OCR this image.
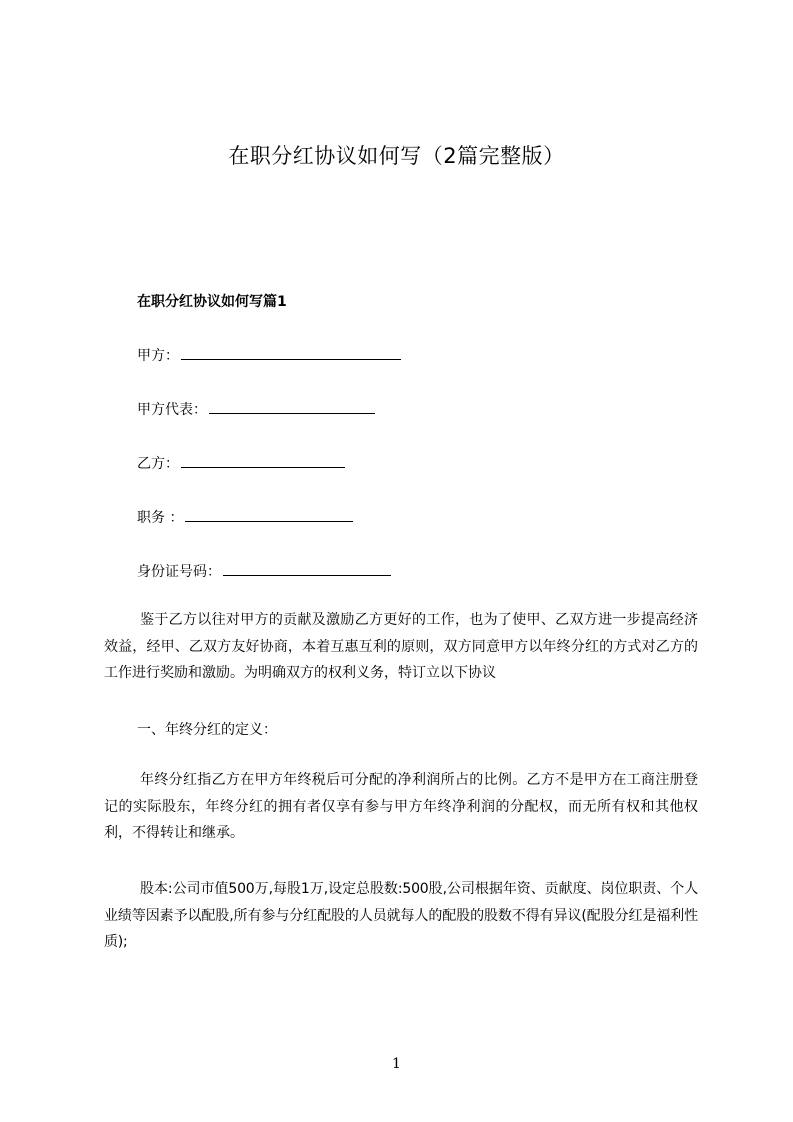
在职分红协议如何写（2篇完整版）
在职分红协议如何写篇1
甲方：
甲方代表：
乙方：
职务 ：
身份证号码：
鉴于乙方以往对甲方的贡献及激励乙方更好的工作，也为了使甲、乙双方进一步提高经济效益，经甲、乙双方友好协商，本着互惠互利的原则，双方同意甲方以年终分红的方式对乙方的工作进行奖励和激励。为明确双方的权利义务，特订立以下协议
一、年终分红的定义：
年终分红指乙方在甲方年终税后可分配的净利润所占的比例。乙方不是甲方在工商注册登记的实际股东，年终分红的拥有者仅享有参与甲方年终净利润的分配权，而无所有权和其他权利，不得转让和继承。
股本:公司市值500万,每股1万,设定总股数:500股,公司根据年资、贡献度、岗位职责、个人业绩等因素予以配股,所有参与分红配股的人员就每人的配股的股数不得有异议(配股分红是福利性质);
1
